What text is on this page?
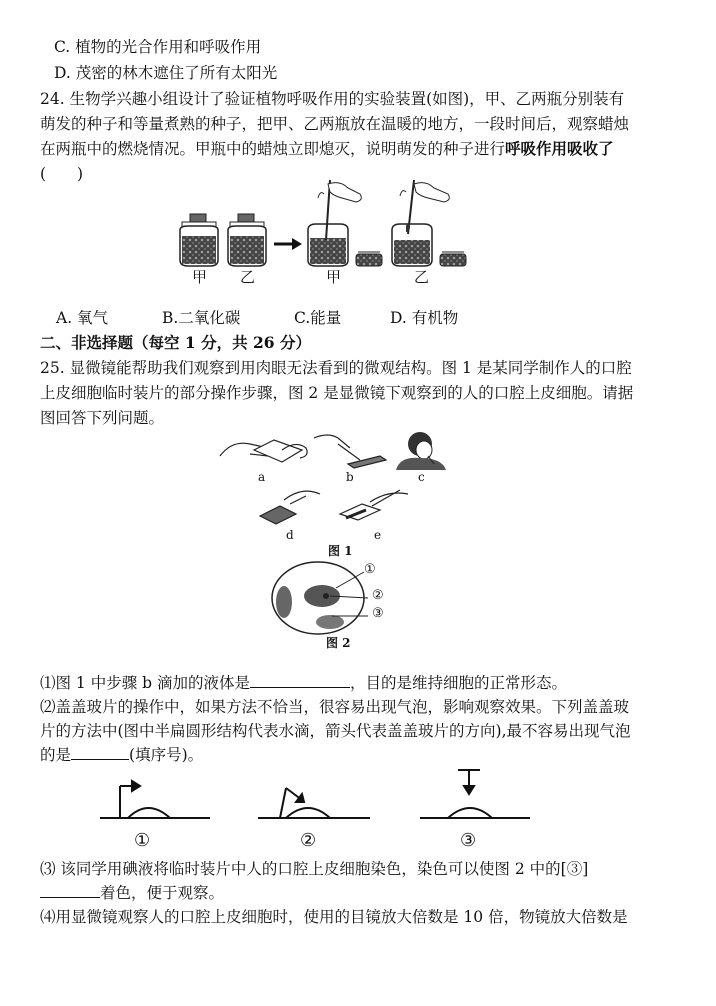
C. 植物的光合作用和呼吸作用
D. 茂密的林木遮住了所有太阳光
24. 生物学兴趣小组设计了验证植物呼吸作用的实验装置(如图)，甲、乙两瓶分别装有
萌发的种子和等量煮熟的种子，把甲、乙两瓶放在温暖的地方，一段时间后，观察蜡烛
在两瓶中的燃烧情况。甲瓶中的蜡烛立即熄灭，说明萌发的种子进行呼吸作用吸收了
(　　)
甲 乙	甲	乙
A. 氧气	B.二氧化碳	C.能量	D. 有机物
二、非选择题（每空 1 分，共 26 分）
25. 显微镜能帮助我们观察到用肉眼无法看到的微观结构。图 1 是某同学制作人的口腔
上皮细胞临时装片的部分操作步骤，图 2 是显微镜下观察到的人的口腔上皮细胞。请据
图回答下列问题。
a	b	c
d	e
图 1
①
②
③
图 2
⑴图 1 中步骤 b 滴加的液体是	，目的是维持细胞的正常形态。
⑵盖盖玻片的操作中，如果方法不恰当，很容易出现气泡，影响观察效果。下列盖盖玻
片的方法中(图中半扁圆形结构代表水滴，箭头代表盖盖玻片的方向),最不容易出现气泡
的是	(填序号)。
①	②	③
⑶ 该同学用碘液将临时装片中人的口腔上皮细胞染色，染色可以使图 2 中的[③]
着色，便于观察。
⑷用显微镜观察人的口腔上皮细胞时，使用的目镜放大倍数是 10 倍，物镜放大倍数是
